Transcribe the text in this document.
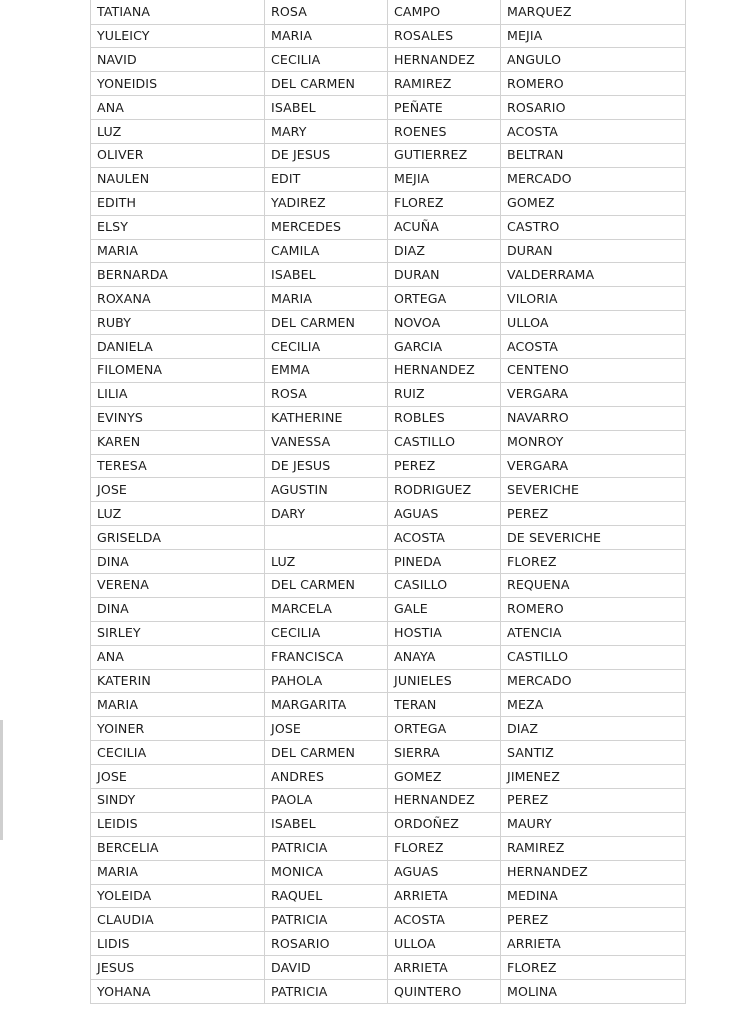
TATIANA	ROSA	CAMPO	MARQUEZ
YULEICY	MARIA	ROSALES	MEJIA
NAVID	CECILIA	HERNANDEZ	ANGULO
YONEIDIS	DEL CARMEN	RAMIREZ	ROMERO
ANA	ISABEL	PEÑATE	ROSARIO
LUZ	MARY	ROENES	ACOSTA
OLIVER	DE JESUS	GUTIERREZ	BELTRAN
NAULEN	EDIT	MEJIA	MERCADO
EDITH	YADIREZ	FLOREZ	GOMEZ
ELSY	MERCEDES	ACUÑA	CASTRO
MARIA	CAMILA	DIAZ	DURAN
BERNARDA	ISABEL	DURAN	VALDERRAMA
ROXANA	MARIA	ORTEGA	VILORIA
RUBY	DEL CARMEN	NOVOA	ULLOA
DANIELA	CECILIA	GARCIA	ACOSTA
FILOMENA	EMMA	HERNANDEZ	CENTENO
LILIA	ROSA	RUIZ	VERGARA
EVINYS	KATHERINE	ROBLES	NAVARRO
KAREN	VANESSA	CASTILLO	MONROY
TERESA	DE JESUS	PEREZ	VERGARA
JOSE	AGUSTIN	RODRIGUEZ	SEVERICHE
LUZ	DARY	AGUAS	PEREZ
GRISELDA		ACOSTA	DE SEVERICHE
DINA	LUZ	PINEDA	FLOREZ
VERENA	DEL CARMEN	CASILLO	REQUENA
DINA	MARCELA	GALE	ROMERO
SIRLEY	CECILIA	HOSTIA	ATENCIA
ANA	FRANCISCA	ANAYA	CASTILLO
KATERIN	PAHOLA	JUNIELES	MERCADO
MARIA	MARGARITA	TERAN	MEZA
YOINER	JOSE	ORTEGA	DIAZ
CECILIA	DEL CARMEN	SIERRA	SANTIZ
JOSE	ANDRES	GOMEZ	JIMENEZ
SINDY	PAOLA	HERNANDEZ	PEREZ
LEIDIS	ISABEL	ORDOÑEZ	MAURY
BERCELIA	PATRICIA	FLOREZ	RAMIREZ
MARIA	MONICA	AGUAS	HERNANDEZ
YOLEIDA	RAQUEL	ARRIETA	MEDINA
CLAUDIA	PATRICIA	ACOSTA	PEREZ
LIDIS	ROSARIO	ULLOA	ARRIETA
JESUS	DAVID	ARRIETA	FLOREZ
YOHANA	PATRICIA	QUINTERO	MOLINA
